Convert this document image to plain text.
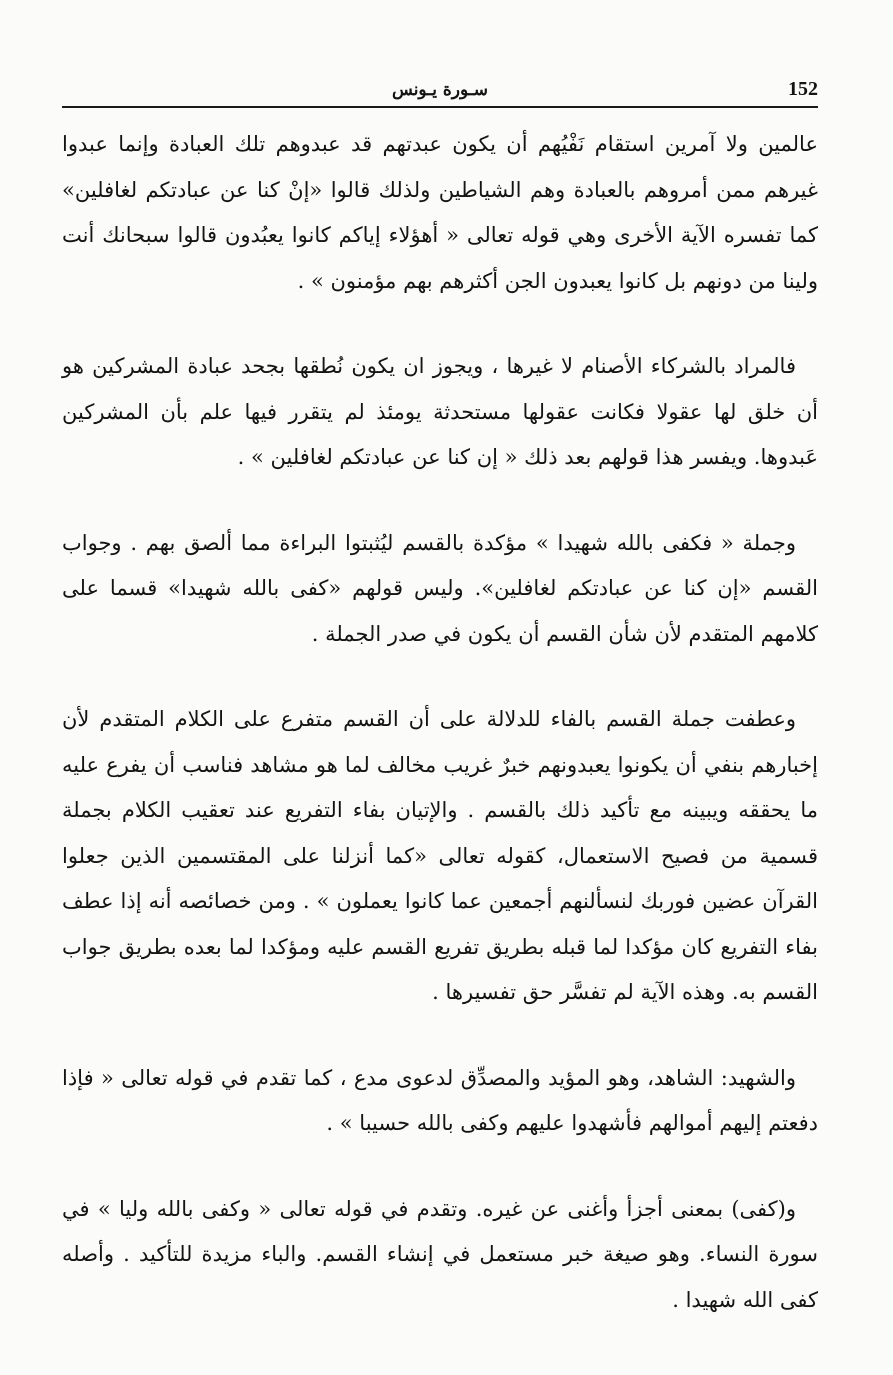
152
سـورة يـونس

عالمين ولا آمرين استقام نَفْيُهم أن يكون عبدتهم قد عبدوهم تلك العبادة وإنما عبدوا غيرهم ممن أمروهم بالعبادة وهم الشياطين ولذلك قالوا «إنْ كنا عن عبادتكم لغافلين» كما تفسره الآية الأخرى وهي قوله تعالى « أهؤلاء إياكم كانوا يعبُدون قالوا سبحانك أنت ولينا من دونهم بل كانوا يعبدون الجن أكثرهم بهم مؤمنون » .

فالمراد بالشركاء الأصنام لا غيرها ، ويجوز ان يكون نُطقها بجحد عبادة المشركين هو أن خلق لها عقولا فكانت عقولها مستحدثة يومئذ لم يتقرر فيها علم بأن المشركين عَبدوها. ويفسر هذا قولهم بعد ذلك « إن كنا عن عبادتكم لغافلين » .

وجملة « فكفى بالله شهيدا » مؤكدة بالقسم ليُثبتوا البراءة مما ألصق بهم . وجواب القسم «إن كنا عن عبادتكم لغافلين». وليس قولهم «كفى بالله شهيدا» قسما على كلامهم المتقدم لأن شأن القسم أن يكون في صدر الجملة .

وعطفت جملة القسم بالفاء للدلالة على أن القسم متفرع على الكلام المتقدم لأن إخبارهم بنفي أن يكونوا يعبدونهم خبرٌ غريب مخالف لما هو مشاهد فناسب أن يفرع عليه ما يحققه ويبينه مع تأكيد ذلك بالقسم . والإتيان بفاء التفريع عند تعقيب الكلام بجملة قسمية من فصيح الاستعمال، كقوله تعالى «كما أنزلنا على المقتسمين الذين جعلوا القرآن عضين فوربك لنسألنهم أجمعين عما كانوا يعملون » . ومن خصائصه أنه إذا عطف بفاء التفريع كان مؤكدا لما قبله بطريق تفريع القسم عليه ومؤكدا لما بعده بطريق جواب القسم به. وهذه الآية لم تفسَّر حق تفسيرها .

والشهيد: الشاهد، وهو المؤيد والمصدِّق لدعوى مدع ، كما تقدم في قوله تعالى « فإذا دفعتم إليهم أموالهم فأشهدوا عليهم وكفى بالله حسيبا » .

و(كفى) بمعنى أجزأ وأغنى عن غيره. وتقدم في قوله تعالى « وكفى بالله وليا » في سورة النساء. وهو صيغة خبر مستعمل في إنشاء القسم. والباء مزيدة للتأكيد . وأصله كفى الله شهيدا .
